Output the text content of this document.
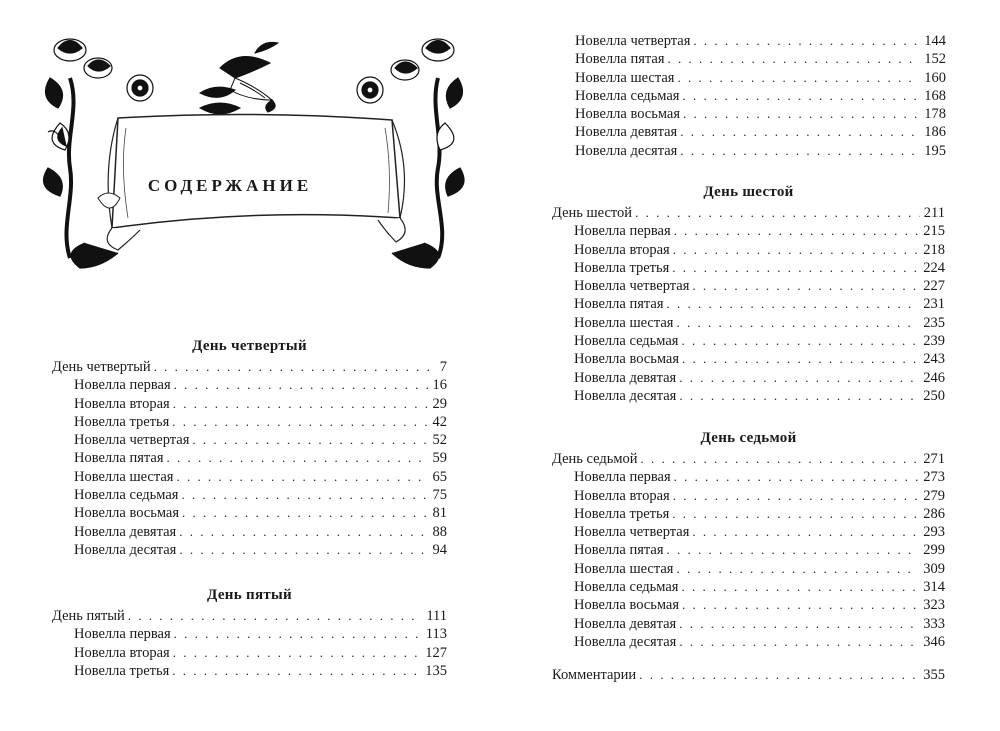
СОДЕРЖАНИЕ
День четвертый
День четвертый . . .	7
Новелла первая . . .	16
Новелла вторая . . .	29
Новелла третья . . .	42
Новелла четвертая . . .	52
Новелла пятая . . .	59
Новелла шестая . . .	65
Новелла седьмая . . .	75
Новелла восьмая . . .	81
Новелла девятая . . .	88
Новелла десятая . . .	94
День пятый
День пятый . . .	111
Новелла первая . . .	113
Новелла вторая . . .	127
Новелла третья . . .	135
Новелла четвертая . . .	144
Новелла пятая . . .	152
Новелла шестая . . .	160
Новелла седьмая . . .	168
Новелла восьмая . . .	178
Новелла девятая . . .	186
Новелла десятая . . .	195
День шестой
День шестой . . .	211
Новелла первая . . .	215
Новелла вторая . . .	218
Новелла третья . . .	224
Новелла четвертая . . .	227
Новелла пятая . . .	231
Новелла шестая . . .	235
Новелла седьмая . . .	239
Новелла восьмая . . .	243
Новелла девятая . . .	246
Новелла десятая . . .	250
День седьмой
День седьмой . . .	271
Новелла первая . . .	273
Новелла вторая . . .	279
Новелла третья . . .	286
Новелла четвертая . . .	293
Новелла пятая . . .	299
Новелла шестая . . .	309
Новелла седьмая . . .	314
Новелла восьмая . . .	323
Новелла девятая . . .	333
Новелла десятая . . .	346
Комментарии . . .	355
